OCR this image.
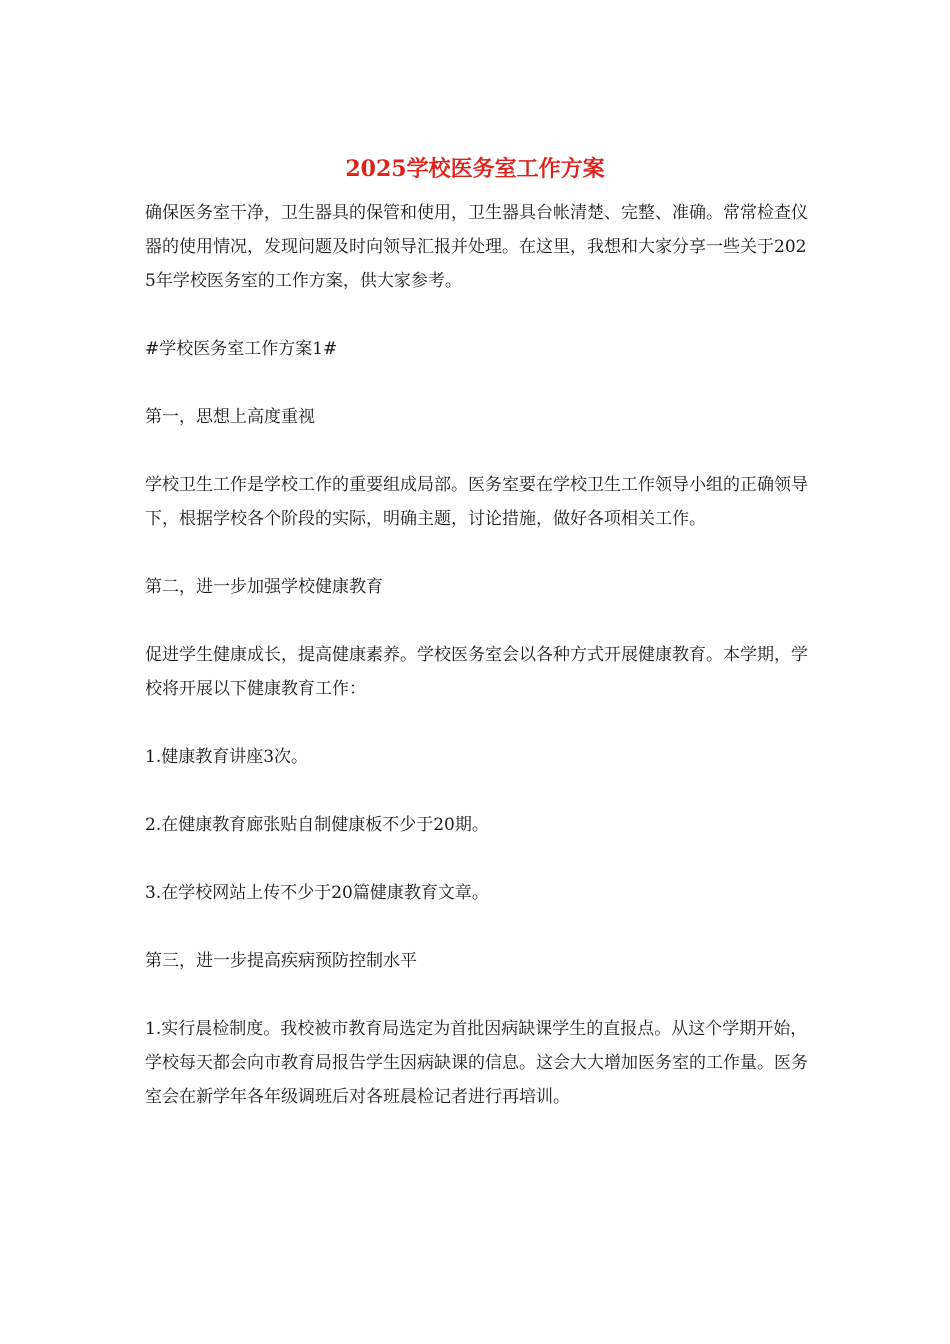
2025学校医务室工作方案

确保医务室干净，卫生器具的保管和使用，卫生器具台帐清楚、完整、准确。常常检查仪器的使用情况，发现问题及时向领导汇报并处理。在这里，我想和大家分享一些关于2025年学校医务室的工作方案，供大家参考。

#学校医务室工作方案1#

第一，思想上高度重视

学校卫生工作是学校工作的重要组成局部。医务室要在学校卫生工作领导小组的正确领导下，根据学校各个阶段的实际，明确主题，讨论措施，做好各项相关工作。

第二，进一步加强学校健康教育

促进学生健康成长，提高健康素养。学校医务室会以各种方式开展健康教育。本学期，学校将开展以下健康教育工作：

1.健康教育讲座3次。

2.在健康教育廊张贴自制健康板不少于20期。

3.在学校网站上传不少于20篇健康教育文章。

第三，进一步提高疾病预防控制水平

1.实行晨检制度。我校被市教育局选定为首批因病缺课学生的直报点。从这个学期开始，学校每天都会向市教育局报告学生因病缺课的信息。这会大大增加医务室的工作量。医务室会在新学年各年级调班后对各班晨检记者进行再培训。
